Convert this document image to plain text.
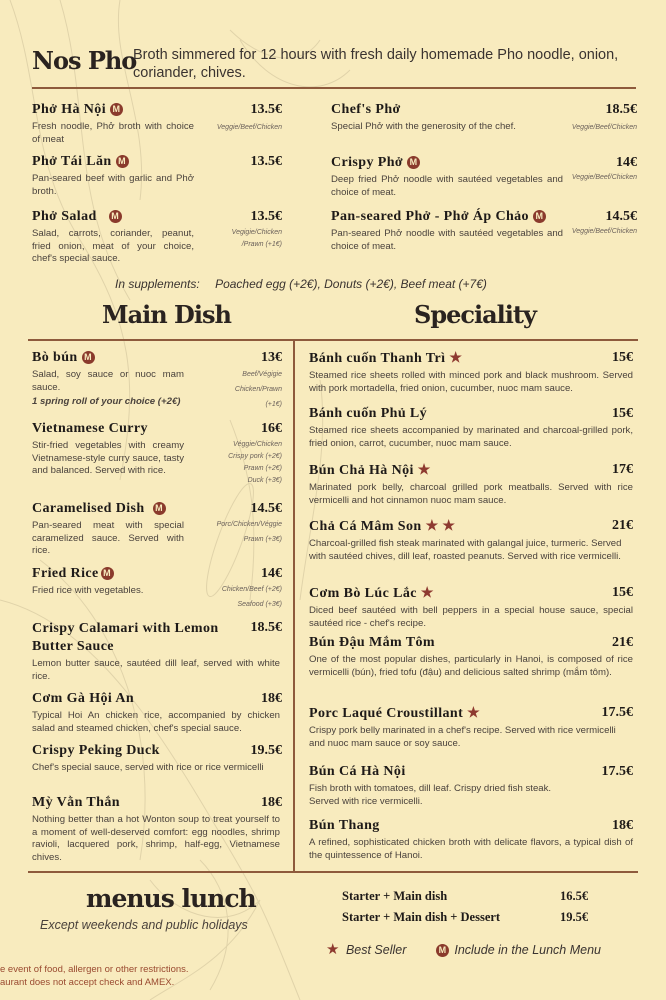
Nos Pho
Broth simmered for 12 hours with fresh daily homemade Pho noodle, onion, coriander, chives.
Phở Hà Nội M	13.5€
Fresh noodle, Phở broth with choice of meat
Veggie/Beef/Chicken
Phở Tái Lăn M	13.5€
Pan-seared beef with garlic and Phở broth.
Phở Salad M	13.5€
Salad, carrots, coriander, peanut, fried onion, meat of your choice, chef's special sauce.
Vegigie/Chicken /Prawn (+1€)
Chef's Phở	18.5€
Special Phở with the generosity of the chef.	Veggie/Beef/Chicken
Crispy Phở M	14€
Deep fried Phở noodle with sautéed vegetables and choice of meat.
Veggie/Beef/Chicken
Pan-seared Phở - Phở Áp Chảo M	14.5€
Pan-seared Phở noodle with sautéed vegetables and choice of meat.
Veggie/Beef/Chicken
In supplements: Poached egg (+2€), Donuts (+2€), Beef meat (+7€)
Main Dish	Speciality
Bò bún M	13€
Salad, soy sauce or nuoc mam sauce.
1 spring roll of your choice (+2€)
Beef/Végigie
Chicken/Prawn
(+1€)
Vietnamese Curry	16€
Stir-fried vegetables with creamy Vietnamese-style curry sauce, tasty and balanced. Served with rice.
Véggie/Chicken
Crispy pork (+2€)
Prawn (+2€)
Duck (+3€)
Caramelised Dish M	14.5€
Pan-seared meat with special caramelized sauce. Served with rice.
Porc/Chicken/Véggie
Prawn (+3€)
Fried Rice M	14€
Fried rice with vegetables.	Chicken/Beef (+2€)
Seafood (+3€)
Crispy Calamari with Lemon Butter Sauce
18.5€
Lemon butter sauce, sautéed dill leaf, served with white rice.
Cơm Gà Hội An	18€
Typical Hoi An chicken rice, accompanied by chicken salad and steamed chicken, chef's special sauce.
Crispy Peking Duck	19.5€
Chef's special sauce, served with rice or rice vermicelli
Mỳ Vằn Thắn	18€
Nothing better than a hot Wonton soup to treat yourself to a moment of well-deserved comfort: egg noodles, shrimp ravioli, lacquered pork, shrimp, half-egg, Vietnamese chives.
Bánh cuốn Thanh Trì ★	15€
Steamed rice sheets rolled with minced pork and black mushroom. Served with pork mortadella, fried onion, cucumber, nuoc mam sauce.
Bánh cuốn Phủ Lý	15€
Steamed rice sheets accompanied by marinated and charcoal-grilled pork, fried onion, carrot, cucumber, nuoc mam sauce.
Bún Chả Hà Nội ★	17€
Marinated pork belly, charcoal grilled pork meatballs. Served with rice vermicelli and hot cinnamon nuoc mam sauce.
Chả Cá Mâm Son ★ ★	21€
Charcoal-grilled fish steak marinated with galangal juice, turmeric. Served with sautéed chives, dill leaf, roasted peanuts. Served with rice vermicelli.
Cơm Bò Lúc Lắc ★	15€
Diced beef sautéed with bell peppers in a special house sauce, special sautéed rice - chef's recipe.
Bún Đậu Mắm Tôm	21€
One of the most popular dishes, particularly in Hanoi, is composed of rice vermicelli (bún), fried tofu (đậu) and delicious salted shrimp (mắm tôm).
Porc Laqué Croustillant ★	17.5€
Crispy pork belly marinated in a chef's recipe. Served with rice vermicelli and nuoc mam sauce or soy sauce.
Bún Cá Hà Nội	17.5€
Fish broth with tomatoes, dill leaf. Crispy dried fish steak. Served with rice vermicelli.
Bún Thang	18€
A refined, sophisticated chicken broth with delicate flavors, a typical dish of the quintessence of Hanoi.
menus lunch
Except weekends and public holidays
Starter + Main dish	16.5€
Starter + Main dish + Dessert	19.5€
★ Best Seller	M Include in the Lunch Menu
e event of food, allergen or other restrictions.
aurant does not accept check and AMEX.
